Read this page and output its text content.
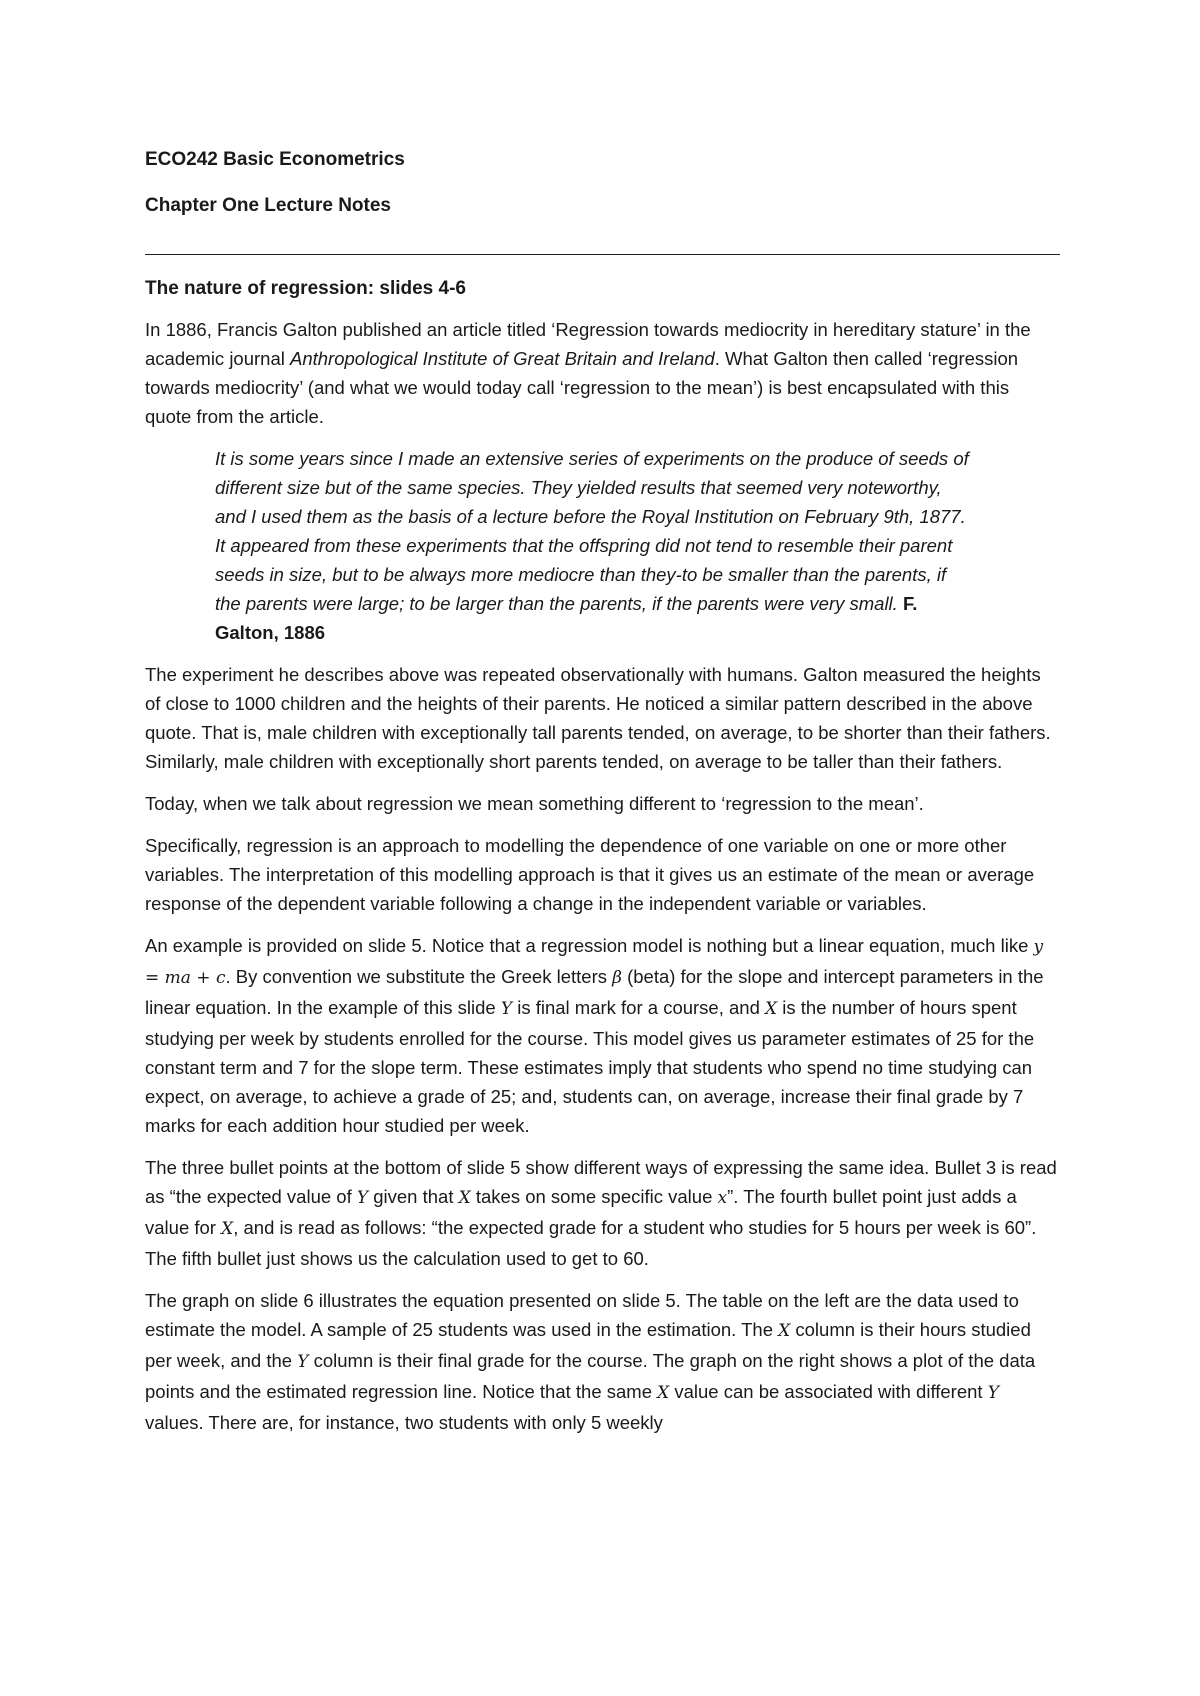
ECO242 Basic Econometrics
Chapter One Lecture Notes
The nature of regression: slides 4-6

In 1886, Francis Galton published an article titled ‘Regression towards mediocrity in hereditary stature’ in the academic journal Anthropological Institute of Great Britain and Ireland. What Galton then called ‘regression towards mediocrity’ (and what we would today call ‘regression to the mean’) is best encapsulated with this quote from the article.

It is some years since I made an extensive series of experiments on the produce of seeds of different size but of the same species. They yielded results that seemed very noteworthy, and I used them as the basis of a lecture before the Royal Institution on February 9th, 1877. It appeared from these experiments that the offspring did not tend to resemble their parent seeds in size, but to be always more mediocre than they-to be smaller than the parents, if the parents were large; to be larger than the parents, if the parents were very small. F. Galton, 1886

The experiment he describes above was repeated observationally with humans. Galton measured the heights of close to 1000 children and the heights of their parents. He noticed a similar pattern described in the above quote. That is, male children with exceptionally tall parents tended, on average, to be shorter than their fathers. Similarly, male children with exceptionally short parents tended, on average to be taller than their fathers.

Today, when we talk about regression we mean something different to ‘regression to the mean’.

Specifically, regression is an approach to modelling the dependence of one variable on one or more other variables. The interpretation of this modelling approach is that it gives us an estimate of the mean or average response of the dependent variable following a change in the independent variable or variables.

An example is provided on slide 5. Notice that a regression model is nothing but a linear equation, much like y = ma + c. By convention we substitute the Greek letters β (beta) for the slope and intercept parameters in the linear equation. In the example of this slide Y is final mark for a course, and X is the number of hours spent studying per week by students enrolled for the course. This model gives us parameter estimates of 25 for the constant term and 7 for the slope term. These estimates imply that students who spend no time studying can expect, on average, to achieve a grade of 25; and, students can, on average, increase their final grade by 7 marks for each addition hour studied per week.

The three bullet points at the bottom of slide 5 show different ways of expressing the same idea. Bullet 3 is read as “the expected value of Y given that X takes on some specific value x”. The fourth bullet point just adds a value for X, and is read as follows: “the expected grade for a student who studies for 5 hours per week is 60”. The fifth bullet just shows us the calculation used to get to 60.

The graph on slide 6 illustrates the equation presented on slide 5. The table on the left are the data used to estimate the model. A sample of 25 students was used in the estimation. The X column is their hours studied per week, and the Y column is their final grade for the course. The graph on the right shows a plot of the data points and the estimated regression line. Notice that the same X value can be associated with different Y values. There are, for instance, two students with only 5 weekly
